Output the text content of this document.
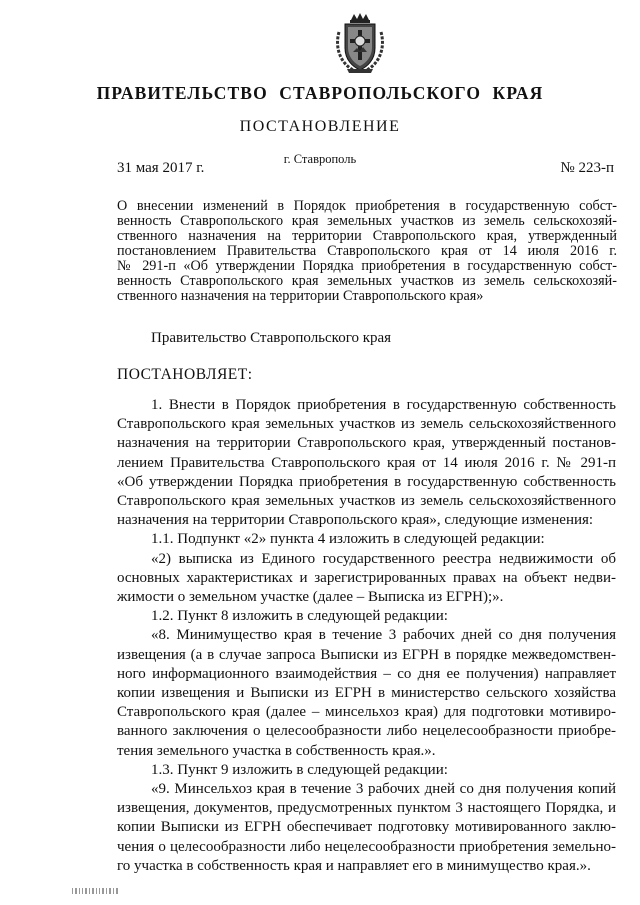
ПРАВИТЕЛЬСТВО СТАВРОПОЛЬСКОГО КРАЯ
ПОСТАНОВЛЕНИЕ
31 мая 2017 г.
г. Ставрополь
№ 223-п
О внесении изменений в Порядок приобретения в государственную собст-
венность Ставропольского края земельных участков из земель сельскохозяй-
ственного назначения на территории Ставропольского края, утвержденный
постановлением Правительства Ставропольского края от 14 июля 2016 г.
№ 291-п «Об утверждении Порядка приобретения в государственную собст-
венность Ставропольского края земельных участков из земель сельскохозяй-
ственного назначения на территории Ставропольского края»
Правительство Ставропольского края
ПОСТАНОВЛЯЕТ:
1. Внести в Порядок приобретения в государственную собственность
Ставропольского края земельных участков из земель сельскохозяйственного
назначения на территории Ставропольского края, утвержденный постанов-
лением Правительства Ставропольского края от 14 июля 2016 г. № 291-п
«Об утверждении Порядка приобретения в государственную собственность
Ставропольского края земельных участков из земель сельскохозяйственного
назначения на территории Ставропольского края», следующие изменения:
1.1. Подпункт «2» пункта 4 изложить в следующей редакции:
«2) выписка из Единого государственного реестра недвижимости об
основных характеристиках и зарегистрированных правах на объект недви-
жимости о земельном участке (далее – Выписка из ЕГРН);».
1.2. Пункт 8 изложить в следующей редакции:
«8. Минимущество края в течение 3 рабочих дней со дня получения
извещения (а в случае запроса Выписки из ЕГРН в порядке межведомствен-
ного информационного взаимодействия – со дня ее получения) направляет
копии извещения и Выписки из ЕГРН в министерство сельского хозяйства
Ставропольского края (далее – минсельхоз края) для подготовки мотивиро-
ванного заключения о целесообразности либо нецелесообразности приобре-
тения земельного участка в собственность края.».
1.3. Пункт 9 изложить в следующей редакции:
«9. Минсельхоз края в течение 3 рабочих дней со дня получения копий
извещения, документов, предусмотренных пунктом 3 настоящего Порядка, и
копии Выписки из ЕГРН обеспечивает подготовку мотивированного заклю-
чения о целесообразности либо нецелесообразности приобретения земельно-
го участка в собственность края и направляет его в минимущество края.».
